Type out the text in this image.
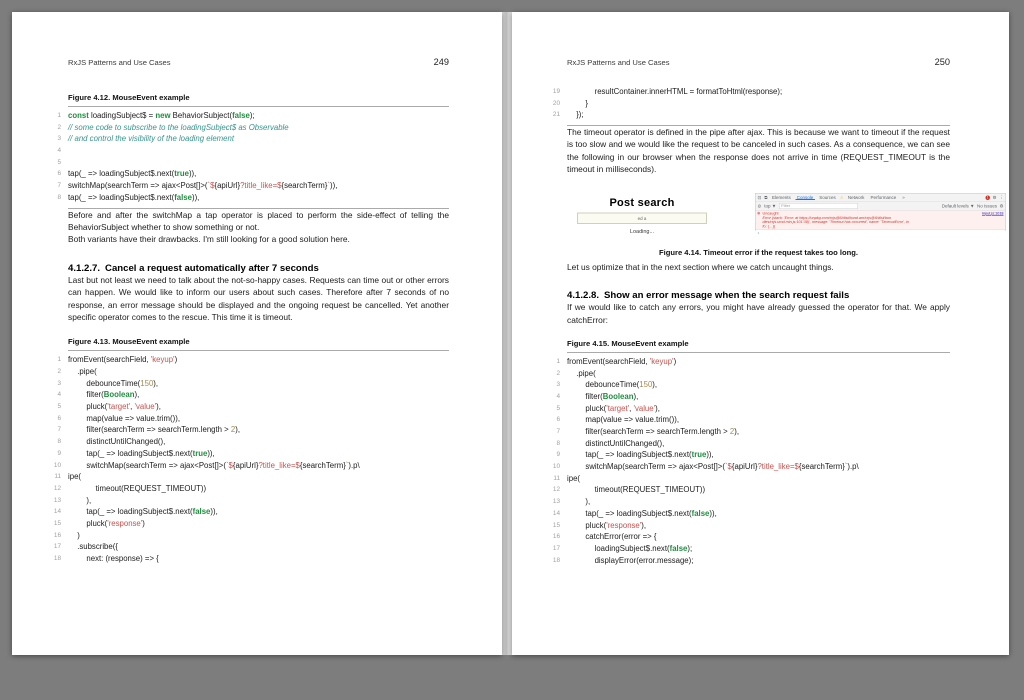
RxJS Patterns and Use Cases	249
Figure 4.12. MouseEvent example
1 const loadingSubject$ = new BehaviorSubject(false);
2 // some code to subscribe to the loadingSubject$ as Observable
3 // and control the visibility of the loading element
4
5
6 tap(_ => loadingSubject$.next(true)),
7 switchMap(searchTerm => ajax<Post[]>(`${apiUrl}?title_like=${searchTerm}`)),
8 tap(_ => loadingSubject$.next(false)),

Before and after the switchMap a tap operator is placed to perform the side-effect of telling the BehaviorSubject whether to show something or not.

Both variants have their drawbacks. I'm still looking for a good solution here.

4.1.2.7. Cancel a request automatically after 7 seconds

Last but not least we need to talk about the not-so-happy cases. Requests can time out or other errors can happen. We would like to inform our users about such cases. Therefore after 7 seconds of no response, an error message should be displayed and the ongoing request be cancelled. Yet another specific operator comes to the rescue. This time it is timeout.

Figure 4.13. MouseEvent example
1 fromEvent(searchField, 'keyup')
2 .pipe(
3	debounceTime(150),
4	filter(Boolean),
5	pluck('target', 'value'),
6	map(value => value.trim()),
7	filter(searchTerm => searchTerm.length > 2),
8	distinctUntilChanged(),
9	tap(_ => loadingSubject$.next(true)),
10	switchMap(searchTerm => ajax<Post[]>(`${apiUrl}?title_like=${searchTerm}`).p\
11 ipe(
12	timeout(REQUEST_TIMEOUT))
13	),
14	tap(_ => loadingSubject$.next(false)),
15	pluck('response')
16 )
17 .subscribe({
18	next: (response) => {
RxJS Patterns and Use Cases	250
19	resultContainer.innerHTML = formatToHtml(response);
20	}
21 });

The timeout operator is defined in the pipe after ajax. This is because we want to timeout if the request is too slow and we would like the request to be canceled in such cases. As a consequence, we can see the following in our browser when the response does not arrive in time (REQUEST_TIMEOUT is the timeout in milliseconds).

Post search
ed a
Loading...
⊡ ⧉ Elements Console Sources ⚠ Network Performance »	1 ⚙ ⋮
⊘ top ▼ Filter	Default levels ▼ No Issues ⚙
⊗	Input.js:1018
Uncaught
Error {stack: 'Error: at https://unpkg.com/rxjs@6/dist/bund.am/rxjs@6/dist/bun
dles/rxjs.umd.min.js:101:38)', message: 'Timeout has occurred', name: 'TimeoutError', in
fo: {…}}
›
Figure 4.14. Timeout error if the request takes too long.

Let us optimize that in the next section where we catch uncaught things.

4.1.2.8. Show an error message when the search request fails

If we would like to catch any errors, you might have already guessed the operator for that. We apply catchError:

Figure 4.15. MouseEvent example
1 fromEvent(searchField, 'keyup')
2 .pipe(
3	debounceTime(150),
4	filter(Boolean),
5	pluck('target', 'value'),
6	map(value => value.trim()),
7	filter(searchTerm => searchTerm.length > 2),
8	distinctUntilChanged(),
9	tap(_ => loadingSubject$.next(true)),
10	switchMap(searchTerm => ajax<Post[]>(`${apiUrl}?title_like=${searchTerm}`).p\
11 ipe(
12	timeout(REQUEST_TIMEOUT))
13	),
14	tap(_ => loadingSubject$.next(false)),
15	pluck('response'),
16	catchError(error => {
17	loadingSubject$.next(false);
18	displayError(error.message);
